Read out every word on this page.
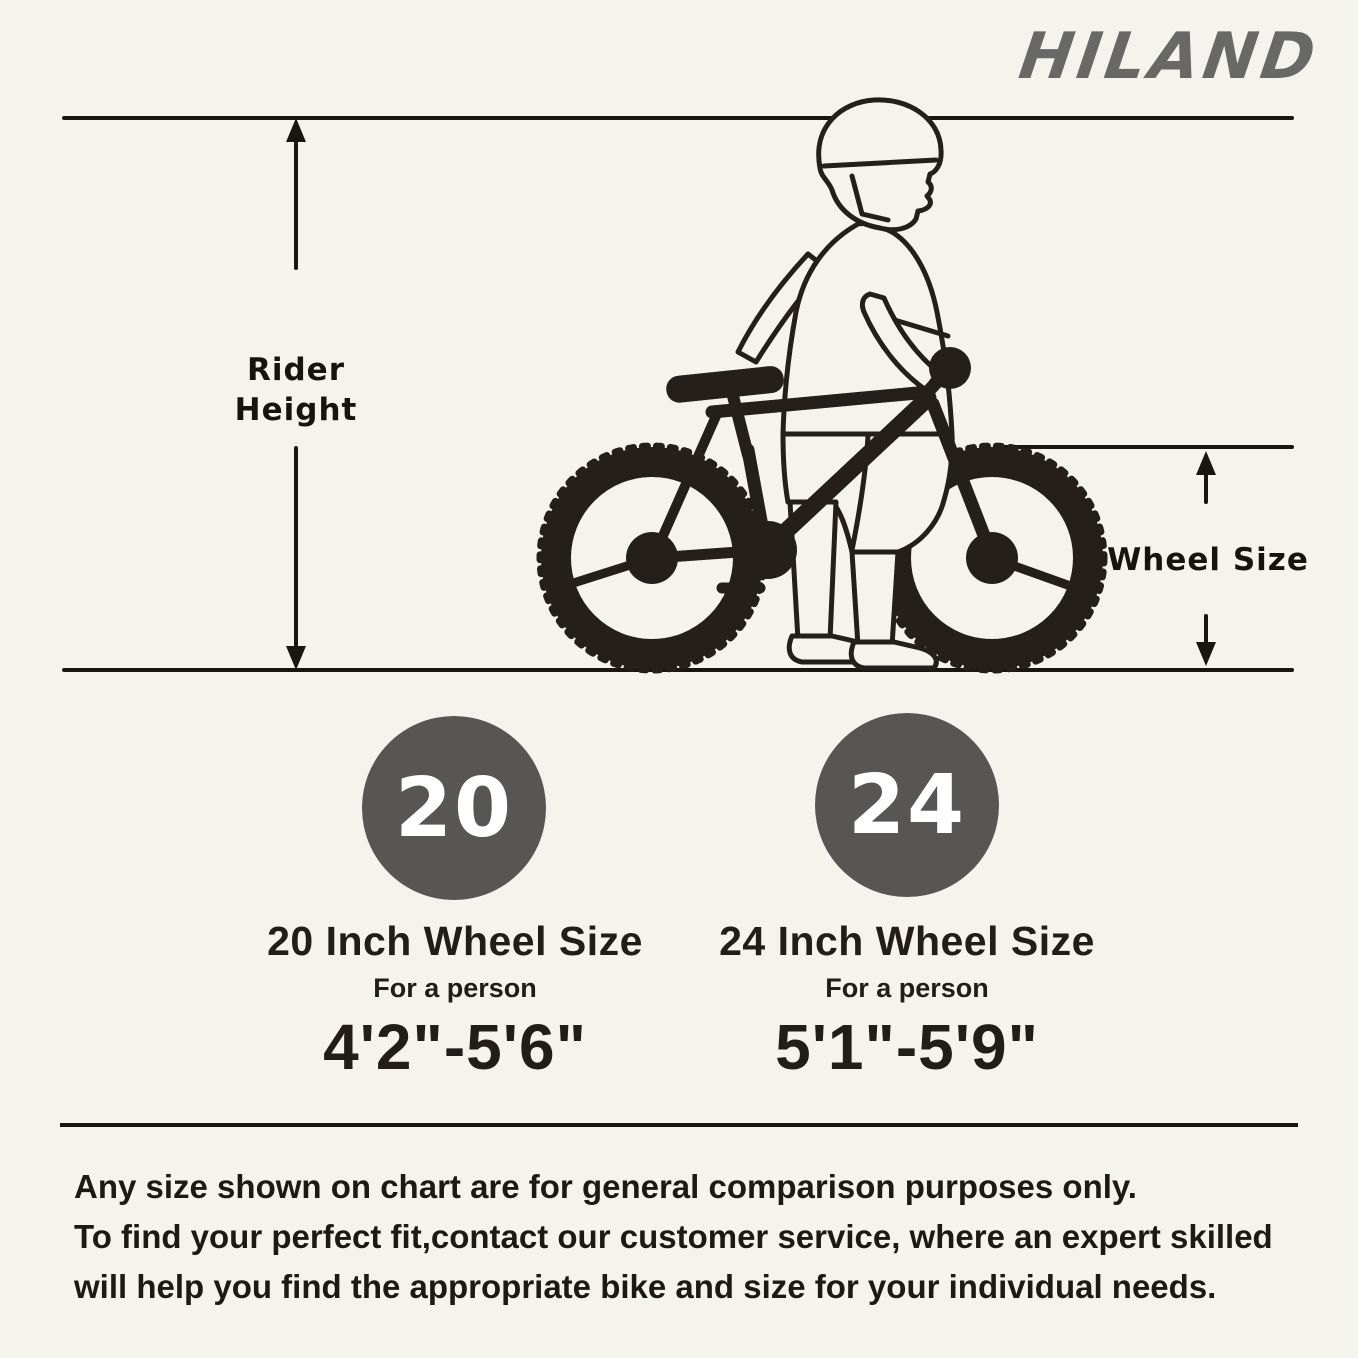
HILAND
Rider
Height
Wheel Size
20	24
20 Inch Wheel Size
For a person
4'2"-5'6"
24 Inch Wheel Size
For a person
5'1"-5'9"
Any size shown on chart are for general comparison purposes only.
To find your perfect fit,contact our customer service, where an expert skilled
will help you find the appropriate bike and size for your individual needs.
